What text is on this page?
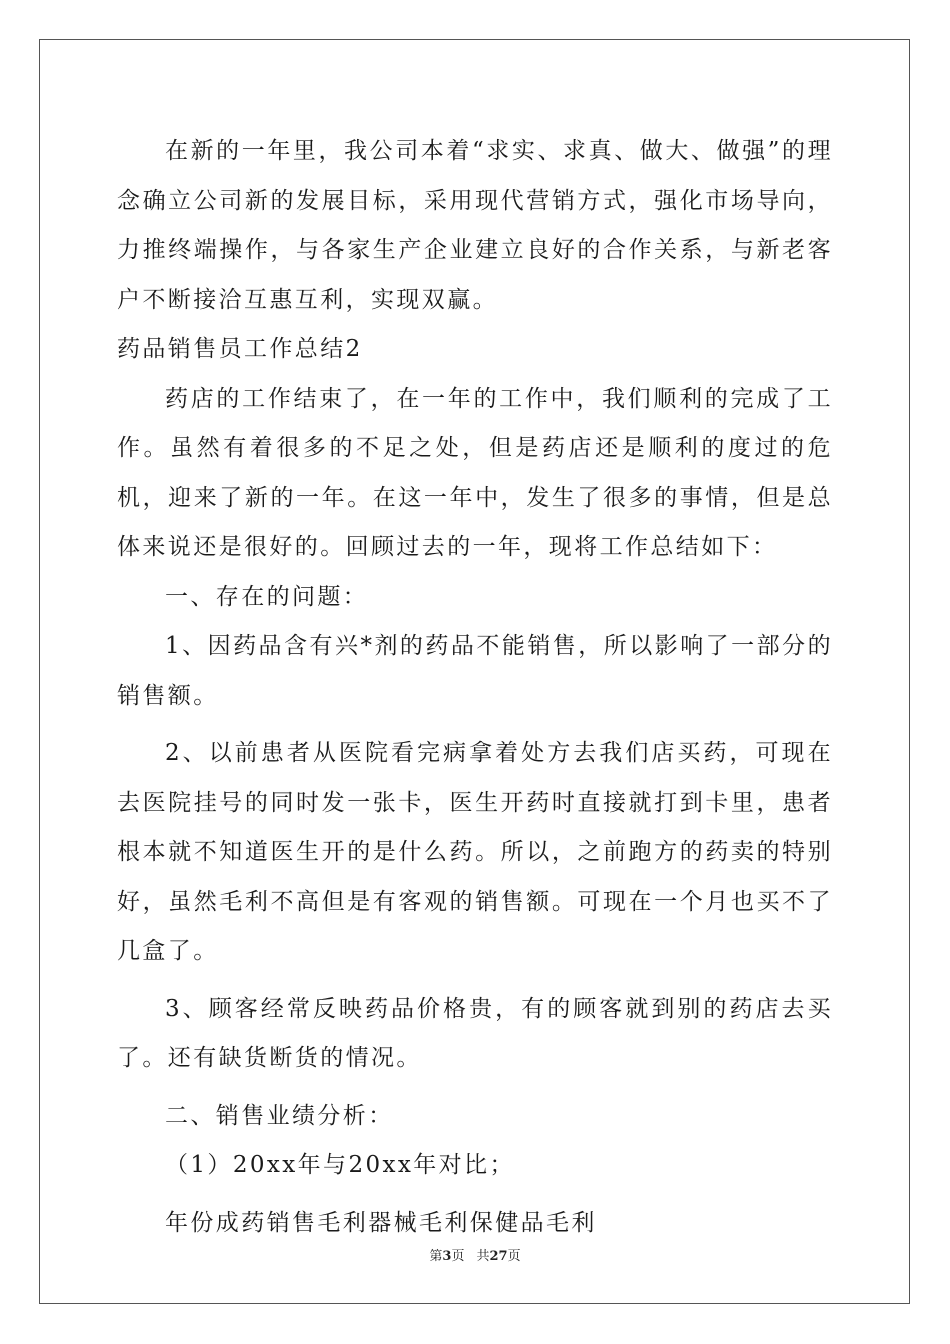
在新的一年里，我公司本着“求实、求真、做大、做强”的理念确立公司新的发展目标，采用现代营销方式，强化市场导向，力推终端操作，与各家生产企业建立良好的合作关系，与新老客户不断接洽互惠互利，实现双赢。

药品销售员工作总结2

药店的工作结束了，在一年的工作中，我们顺利的完成了工作。虽然有着很多的不足之处，但是药店还是顺利的度过的危机，迎来了新的一年。在这一年中，发生了很多的事情，但是总体来说还是很好的。回顾过去的一年，现将工作总结如下：

一、存在的问题：

1、因药品含有兴*剂的药品不能销售，所以影响了一部分的销售额。

2、以前患者从医院看完病拿着处方去我们店买药，可现在去医院挂号的同时发一张卡，医生开药时直接就打到卡里，患者根本就不知道医生开的是什么药。所以，之前跑方的药卖的特别好，虽然毛利不高但是有客观的销售额。可现在一个月也买不了几盒了。

3、顾客经常反映药品价格贵，有的顾客就到别的药店去买了。还有缺货断货的情况。

二、销售业绩分析：

（1）20xx年与20xx年对比；

年份成药销售毛利器械毛利保健品毛利

第3页 共27页
